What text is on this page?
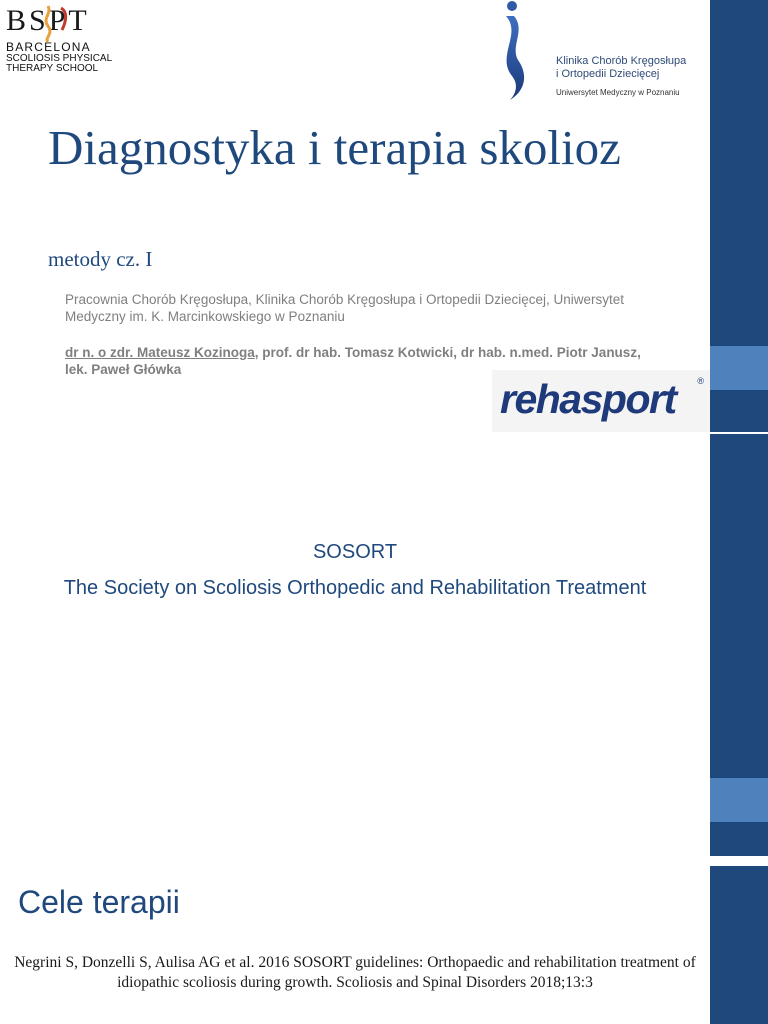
BSPT
BARCELONA
SCOLIOSIS PHYSICAL
THERAPY SCHOOL
Klinika Chorób Kręgosłupa
i Ortopedii Dziecięcej
Uniwersytet Medyczny w Poznaniu
Diagnostyka i terapia skolioz

metody cz. I

Pracownia Chorób Kręgosłupa, Klinika Chorób Kręgosłupa i Ortopedii Dziecięcej, Uniwersytet Medyczny im. K. Marcinkowskiego w Poznaniu

dr n. o zdr. Mateusz Kozinoga, prof. dr hab. Tomasz Kotwicki, dr hab. n.med. Piotr Janusz, lek. Paweł Główka

rehasport ®
SOSORT

The Society on Scoliosis Orthopedic and Rehabilitation Treatment

Cele terapii

Negrini S, Donzelli S, Aulisa AG et al. 2016 SOSORT guidelines: Orthopaedic and rehabilitation treatment of idiopathic scoliosis during growth. Scoliosis and Spinal Disorders 2018;13:3
